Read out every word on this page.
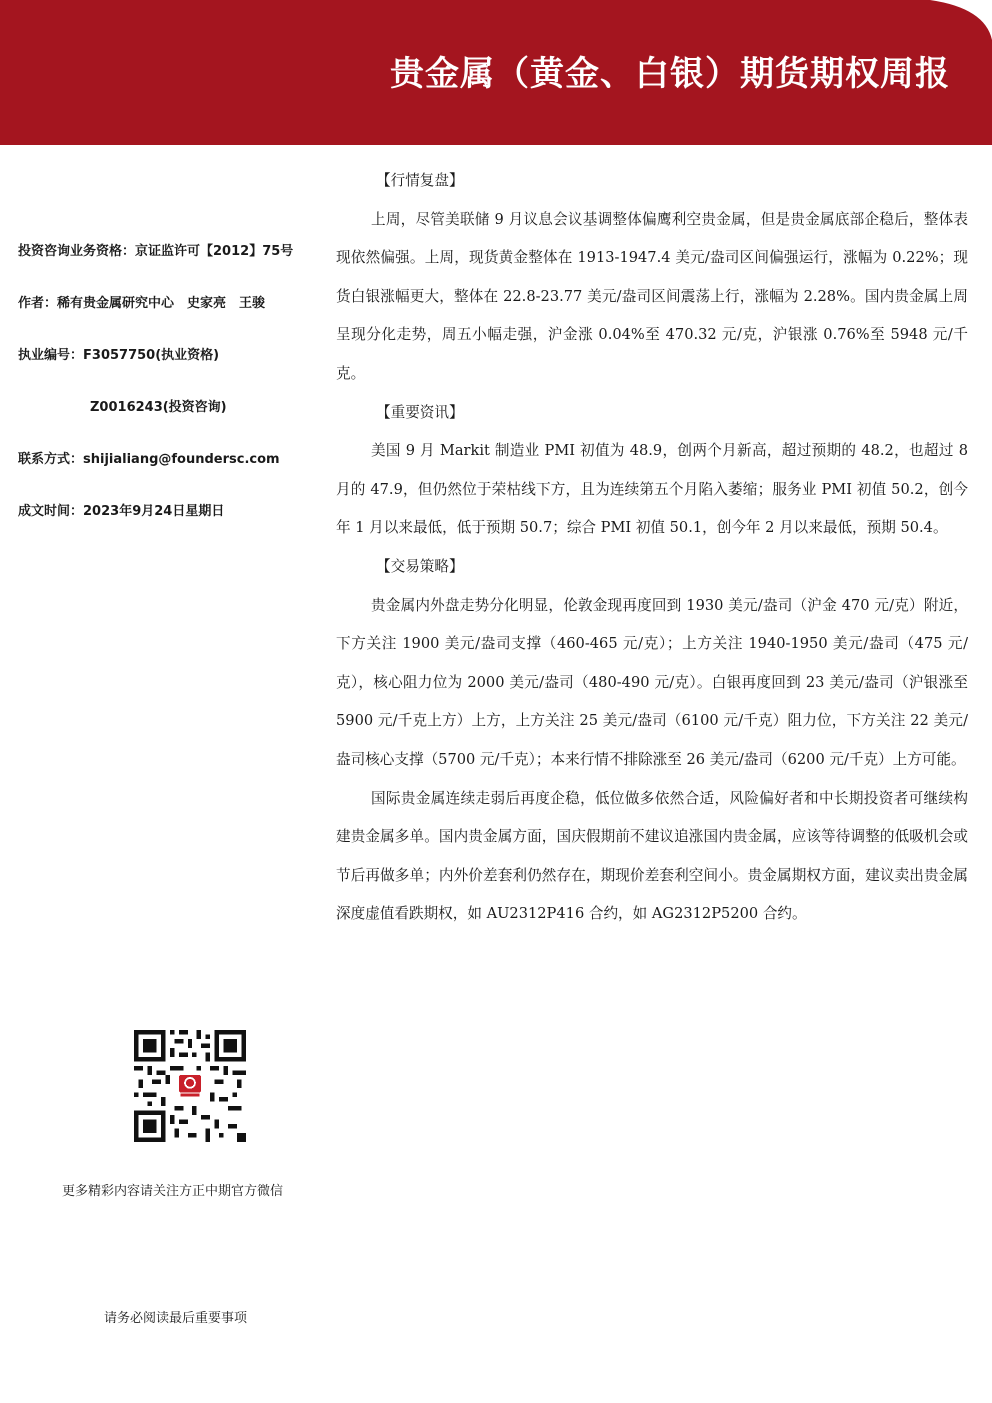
贵金属（黄金、白银）期货期权周报
投资咨询业务资格：京证监许可【2012】75号
作者：稀有贵金属研究中心　史家亮　王骏
执业编号：F3057750(执业资格)
Z0016243(投资咨询)
联系方式：shijialiang@foundersc.com
成文时间：2023年9月24日星期日
更多精彩内容请关注方正中期官方微信
请务必阅读最后重要事项

【行情复盘】

上周，尽管美联储 9 月议息会议基调整体偏鹰利空贵金属，但是贵金属底部企稳后，整体表现依然偏强。上周，现货黄金整体在 1913-1947.4 美元/盎司区间偏强运行，涨幅为 0.22%；现货白银涨幅更大，整体在 22.8-23.77 美元/盎司区间震荡上行，涨幅为 2.28%。国内贵金属上周呈现分化走势，周五小幅走强，沪金涨 0.04%至 470.32 元/克，沪银涨 0.76%至 5948 元/千克。

【重要资讯】

美国 9 月 Markit 制造业 PMI 初值为 48.9，创两个月新高，超过预期的 48.2，也超过 8 月的 47.9，但仍然位于荣枯线下方，且为连续第五个月陷入萎缩；服务业 PMI 初值 50.2，创今年 1 月以来最低，低于预期 50.7；综合 PMI 初值 50.1，创今年 2 月以来最低，预期 50.4。

【交易策略】

贵金属内外盘走势分化明显，伦敦金现再度回到 1930 美元/盎司（沪金 470 元/克）附近，下方关注 1900 美元/盎司支撑（460-465 元/克）；上方关注 1940-1950 美元/盎司（475 元/克），核心阻力位为 2000 美元/盎司（480-490 元/克）。白银再度回到 23 美元/盎司（沪银涨至 5900 元/千克上方）上方，上方关注 25 美元/盎司（6100 元/千克）阻力位，下方关注 22 美元/盎司核心支撑（5700 元/千克）；本来行情不排除涨至 26 美元/盎司（6200 元/千克）上方可能。

国际贵金属连续走弱后再度企稳，低位做多依然合适，风险偏好者和中长期投资者可继续构建贵金属多单。国内贵金属方面，国庆假期前不建议追涨国内贵金属，应该等待调整的低吸机会或节后再做多单；内外价差套利仍然存在，期现价差套利空间小。贵金属期权方面，建议卖出贵金属深度虚值看跌期权，如 AU2312P416 合约，如 AG2312P5200 合约。
